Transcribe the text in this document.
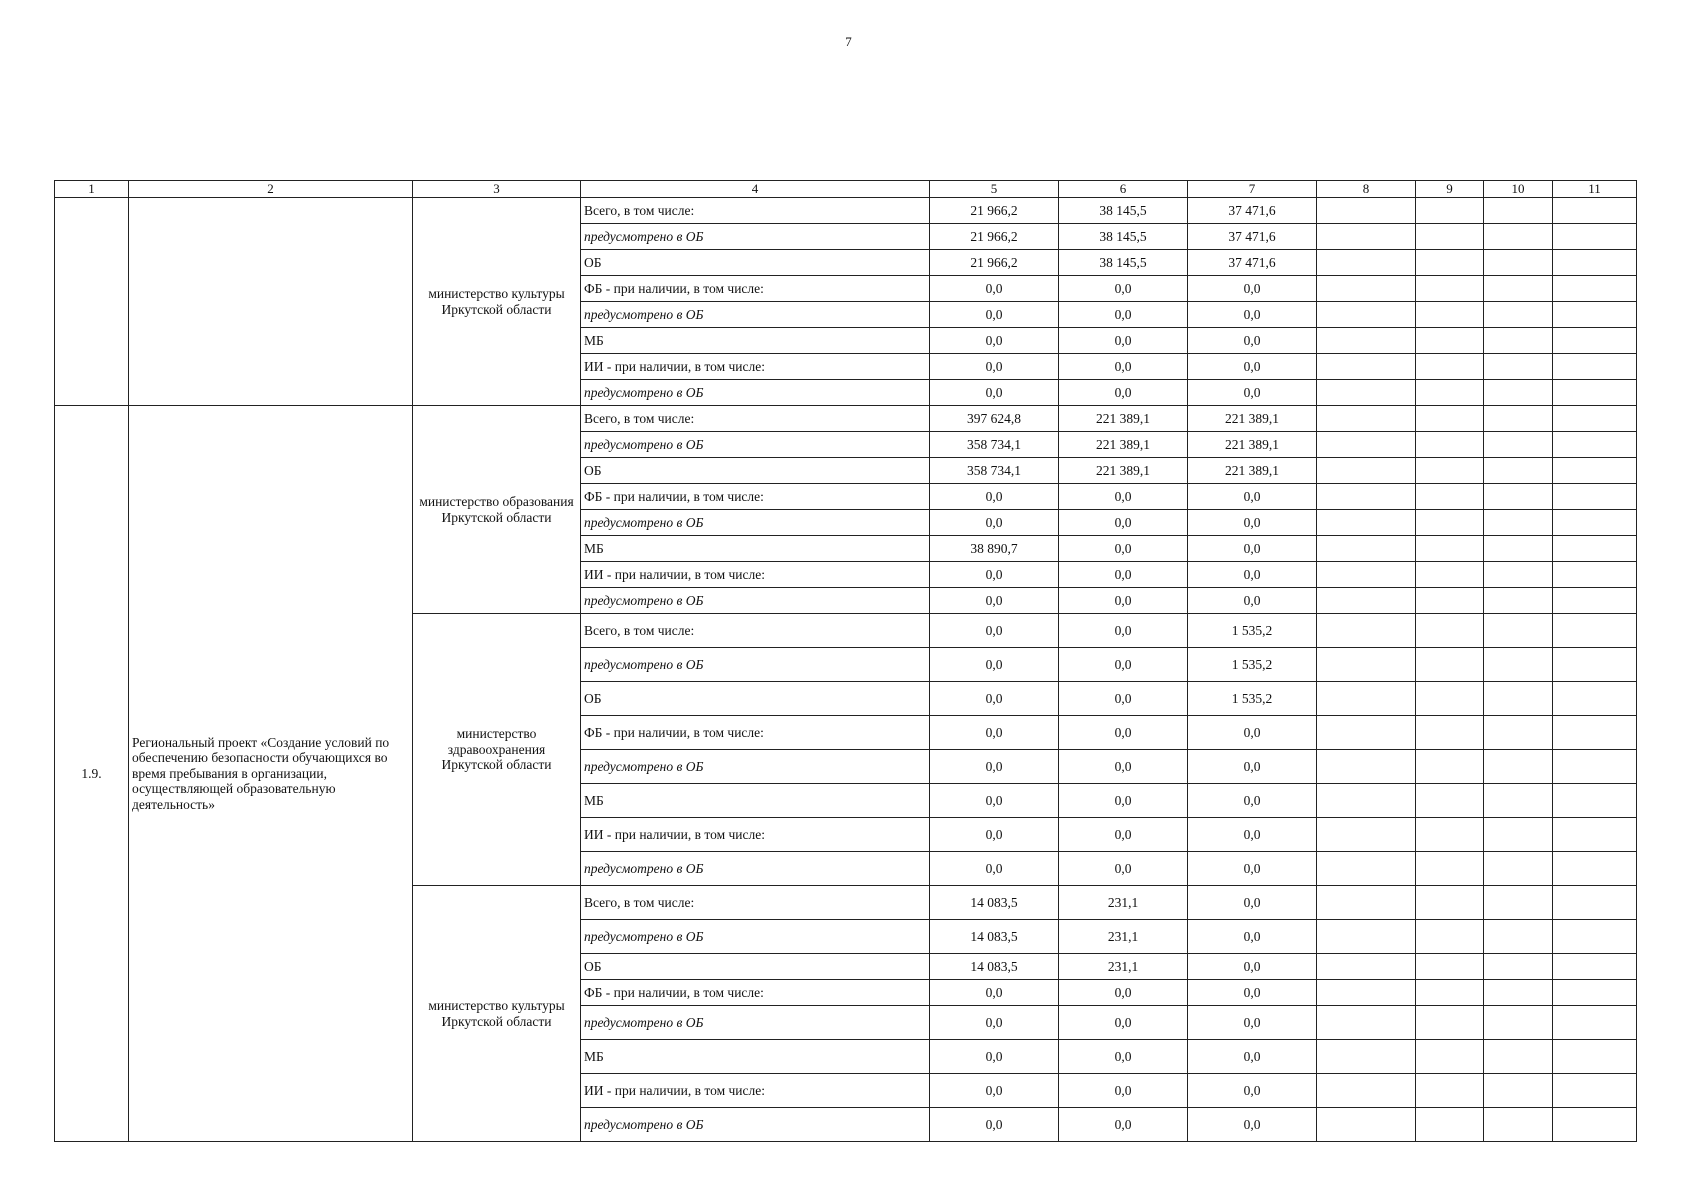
7
1	2	3	4	5	6	7	8	9	10	11
		министерство культуры Иркутской области	Всего, в том числе:	21 966,2	38 145,5	37 471,6				
			предусмотрено в ОБ	21 966,2	38 145,5	37 471,6				
			ОБ	21 966,2	38 145,5	37 471,6				
			ФБ - при наличии, в том числе:	0,0	0,0	0,0				
			предусмотрено в ОБ	0,0	0,0	0,0				
			МБ	0,0	0,0	0,0				
			ИИ - при наличии, в том числе:	0,0	0,0	0,0				
			предусмотрено в ОБ	0,0	0,0	0,0				
1.9.	Региональный проект «Создание условий по обеспечению безопасности обучающихся во время пребывания в организации, осуществляющей образовательную деятельность»	министерство образования Иркутской области	Всего, в том числе:	397 624,8	221 389,1	221 389,1				
			предусмотрено в ОБ	358 734,1	221 389,1	221 389,1				
			ОБ	358 734,1	221 389,1	221 389,1				
			ФБ - при наличии, в том числе:	0,0	0,0	0,0				
			предусмотрено в ОБ	0,0	0,0	0,0				
			МБ	38 890,7	0,0	0,0				
			ИИ - при наличии, в том числе:	0,0	0,0	0,0				
			предусмотрено в ОБ	0,0	0,0	0,0				
		министерство здравоохранения Иркутской области	Всего, в том числе:	0,0	0,0	1 535,2				
			предусмотрено в ОБ	0,0	0,0	1 535,2				
			ОБ	0,0	0,0	1 535,2				
			ФБ - при наличии, в том числе:	0,0	0,0	0,0				
			предусмотрено в ОБ	0,0	0,0	0,0				
			МБ	0,0	0,0	0,0				
			ИИ - при наличии, в том числе:	0,0	0,0	0,0				
			предусмотрено в ОБ	0,0	0,0	0,0				
		министерство культуры Иркутской области	Всего, в том числе:	14 083,5	231,1	0,0				
			предусмотрено в ОБ	14 083,5	231,1	0,0				
			ОБ	14 083,5	231,1	0,0				
			ФБ - при наличии, в том числе:	0,0	0,0	0,0				
			предусмотрено в ОБ	0,0	0,0	0,0				
			МБ	0,0	0,0	0,0				
			ИИ - при наличии, в том числе:	0,0	0,0	0,0				
			предусмотрено в ОБ	0,0	0,0	0,0				
